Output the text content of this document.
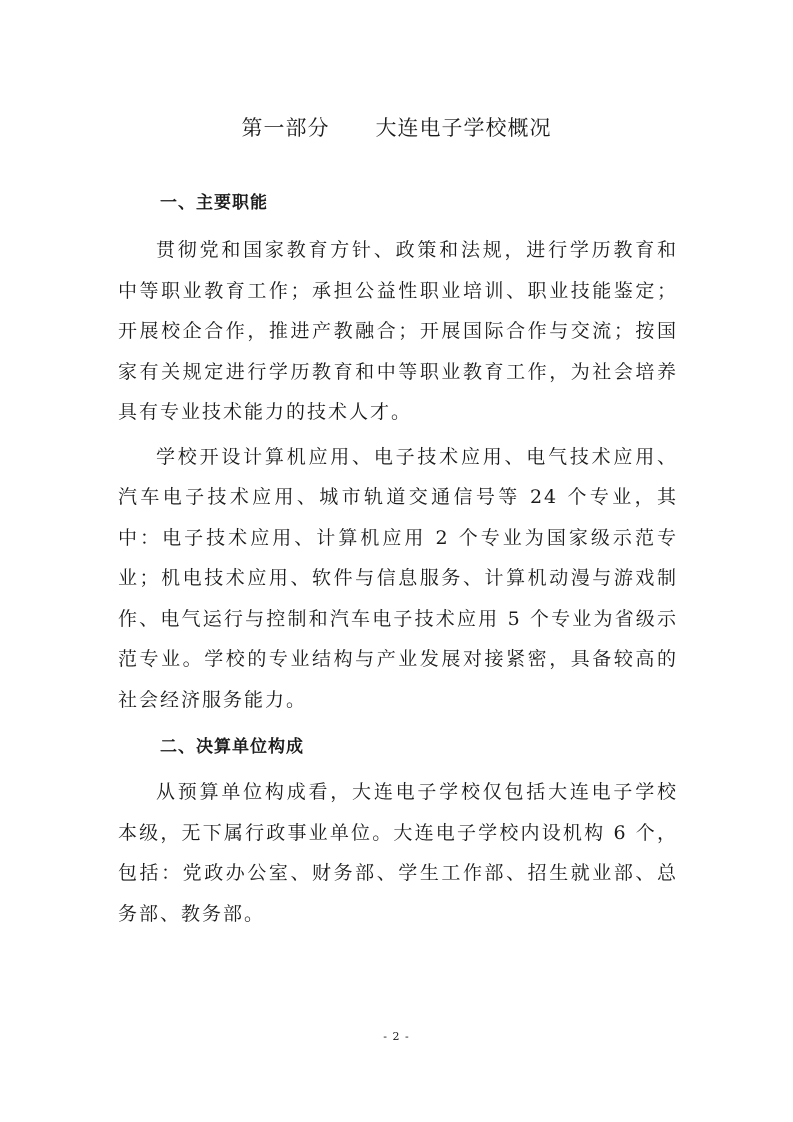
第一部分      大连电子学校概况
一、主要职能

贯彻党和国家教育方针、政策和法规，进行学历教育和中等职业教育工作；承担公益性职业培训、职业技能鉴定；开展校企合作，推进产教融合；开展国际合作与交流；按国家有关规定进行学历教育和中等职业教育工作，为社会培养具有专业技术能力的技术人才。

学校开设计算机应用、电子技术应用、电气技术应用、汽车电子技术应用、城市轨道交通信号等 24 个专业，其中：电子技术应用、计算机应用 2 个专业为国家级示范专业；机电技术应用、软件与信息服务、计算机动漫与游戏制作、电气运行与控制和汽车电子技术应用 5 个专业为省级示范专业。学校的专业结构与产业发展对接紧密，具备较高的社会经济服务能力。

二、决算单位构成

从预算单位构成看，大连电子学校仅包括大连电子学校本级，无下属行政事业单位。大连电子学校内设机构 6 个，包括：党政办公室、财务部、学生工作部、招生就业部、总务部、教务部。

- 2 -
